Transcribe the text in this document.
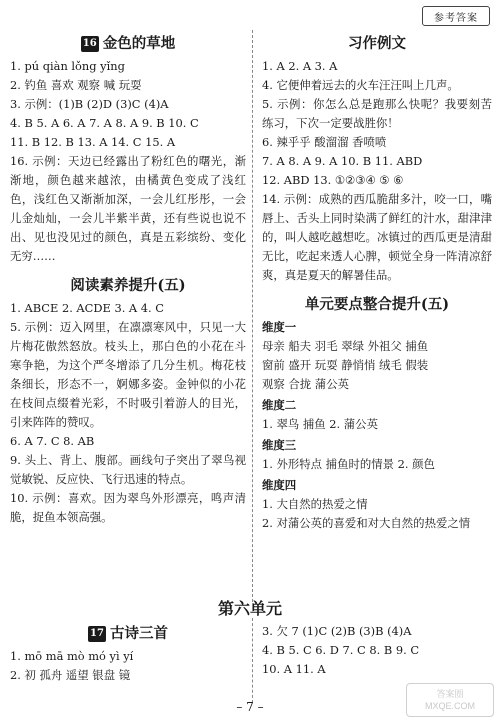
参考答案
16 金色的草地
1. pú qiàn lǒng yǐng
2. 钓鱼 喜欢 观察 喊 玩耍
3. 示例：(1)B (2)D (3)C (4)A
4. B 5. A 6. A 7. A 8. A 9. B 10. C
11. B 12. B 13. A 14. C 15. A
16. 示例：天边已经露出了粉红色的曙光，渐渐地，颜色越来越浓，由橘黄色变成了浅红色，浅红色又渐渐加深，一会儿红彤彤，一会儿金灿灿，一会儿半紫半黄，还有些说也说不出、见也没见过的颜色，真是五彩缤纷、变化无穷……
阅读素养提升(五)
1. ABCE 2. ACDE 3. A 4. C
5. 示例：迈入网里，在凛凛寒风中，只见一大片梅花傲然怒放。枝头上，那白色的小花在斗寒争艳，为这个严冬增添了几分生机。梅花枝条细长，形态不一，婀娜多姿。金钟似的小花在枝间点缀着光彩，不时吸引着游人的目光，引来阵阵的赞叹。
6. A 7. C 8. AB
9. 头上、背上、腹部。画线句子突出了翠鸟视觉敏锐、反应快、飞行迅速的特点。
10. 示例：喜欢。因为翠鸟外形漂亮，鸣声清脆，捉鱼本领高强。
习作例文
1. A 2. A 3. A
4. 它便伸着远去的火车汪汪叫上几声。
5. 示例：你怎么总是跑那么快呢？我要刻苦练习，下次一定要战胜你！
6. 辣乎乎 酸溜溜 香喷喷
7. A 8. A 9. A 10. B 11. ABD
12. ABD 13. ①②③④ ⑤ ⑥
14. 示例：成熟的西瓜脆甜多汁，咬一口，嘴唇上、舌头上同时染满了鲜红的汁水，甜津津的，叫人越吃越想吃。冰镇过的西瓜更是清甜无比，吃起来透人心脾，顿觉全身一阵清凉舒爽，真是夏天的解暑佳品。
单元要点整合提升(五)
维度一
母亲 船夫 羽毛 翠绿 外祖父 捕鱼
窗前 盛开 玩耍 静悄悄 绒毛 假装
观察 合拢 蒲公英
维度二
1. 翠鸟 捕鱼 2. 蒲公英
维度三
1. 外形特点 捕鱼时的情景 2. 颜色
维度四
1. 大自然的热爱之情
2. 对蒲公英的喜爱和对大自然的热爱之情
第六单元
17 古诗三首
1. mō mā mò mó yì yí
2. 初 孤舟 遥望 银盘 镜
3. 欠 7 (1)C (2)B (3)B (4)A
4. B 5. C 6. D 7. C 8. B 9. C
10. A 11. A
– 7 –
答案圈
MXQE.COM
